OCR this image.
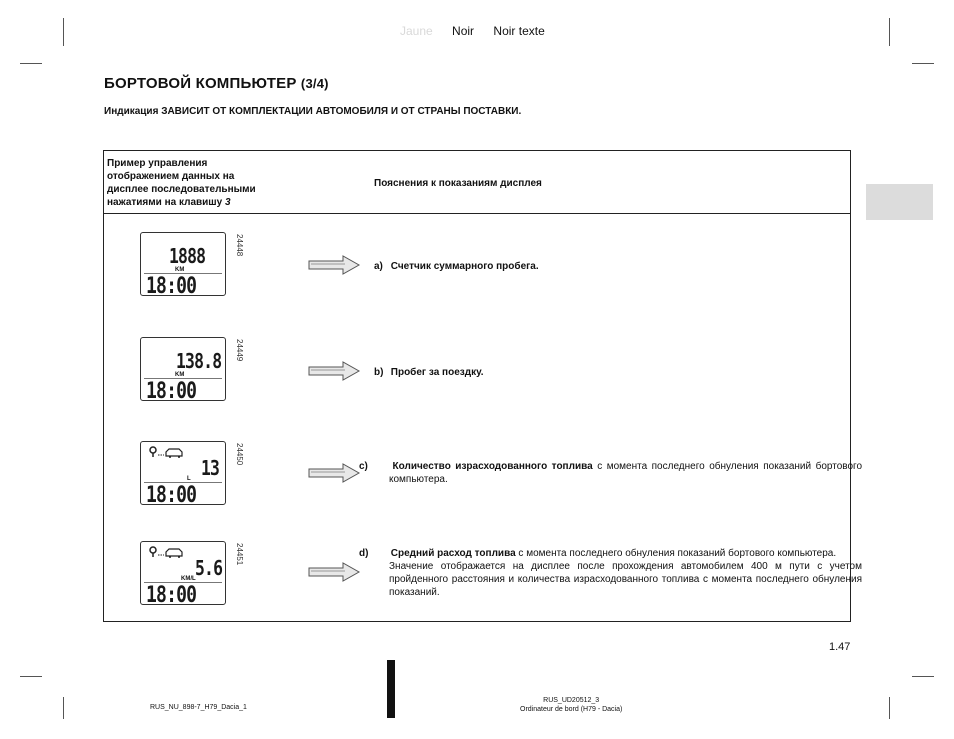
Jaune Noir Noir texte
БОРТОВОЙ КОМПЬЮТЕР (3/4)
Индикация ЗАВИСИТ ОТ КОМПЛЕКТАЦИИ АВТОМОБИЛЯ И ОТ СТРАНЫ ПОСТАВКИ.
Пример управления
отображением данных на
дисплее последовательными
нажатиями на клавишу 3
Пояснения к показаниям дисплея
1888
KM
18:00
24448
a) Счетчик суммарного пробега.
138.8
KM
18:00
24449
b) Пробег за поездку.
13
L
18:00
24450
c) Количество израсходованного топлива с момента последнего обнуления показаний бортового компьютера.
5.6
KM/L
18:00
24451	d) Средний расход топлива с момента последнего обнуления показаний бортового компьютера.
Значение отображается на дисплее после прохождения автомобилем 400 м пути с учетом пройденного расстояния и количества израсходованного топлива с момента последнего обнуления показаний.
1.47
RUS_NU_898-7_H79_Dacia_1
RUS_UD20512_3
Ordinateur de bord (H79 - Dacia)
